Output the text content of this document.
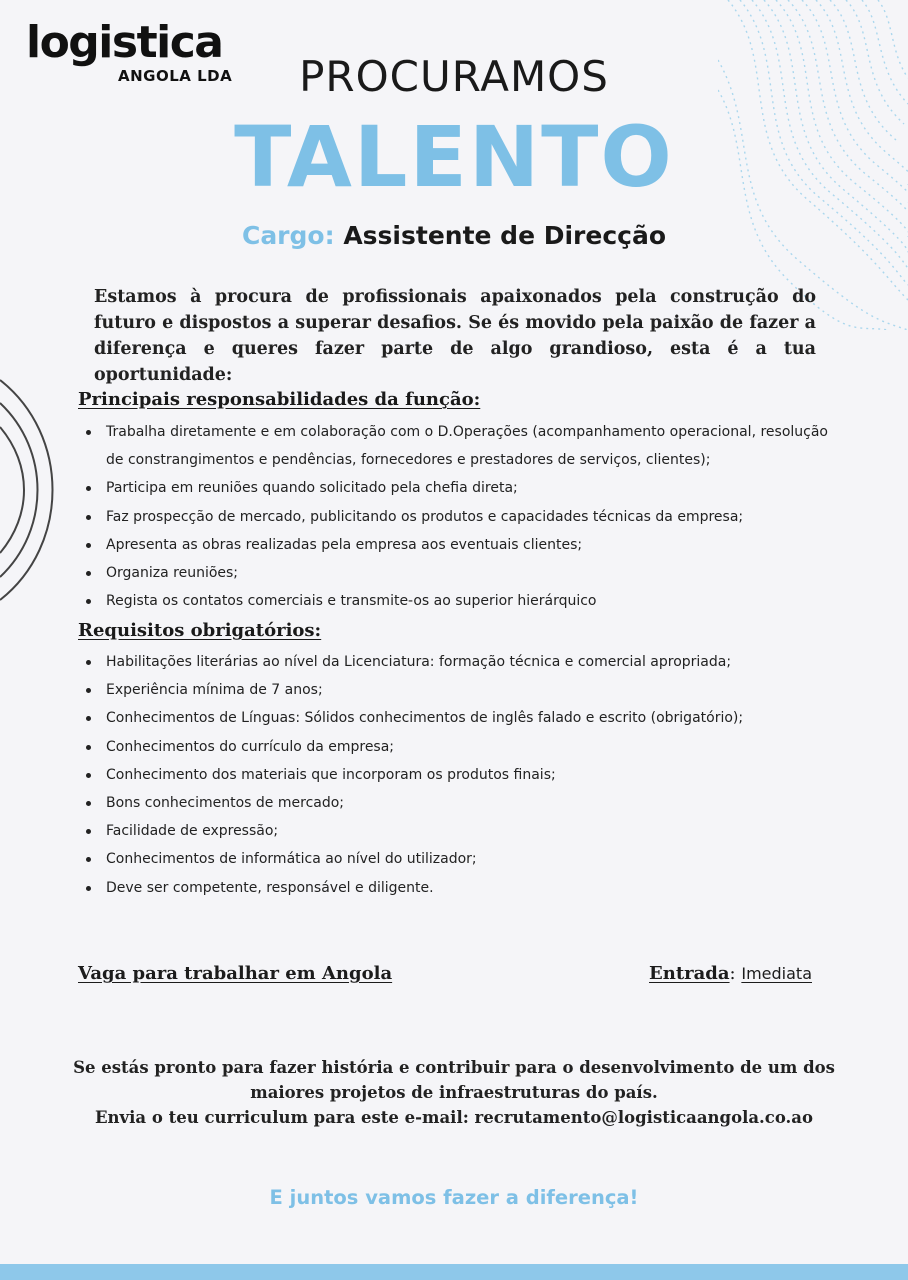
logistica
ANGOLA LDA	PROCURAMOS
TALENTO
Cargo: Assistente de Direcção
Estamos à procura de profissionais apaixonados pela construção do futuro e dispostos a superar desafios. Se és movido pela paixão de fazer a diferença e queres fazer parte de algo grandioso, esta é a tua oportunidade:
Principais responsabilidades da função:
Trabalha diretamente e em colaboração com o D.Operações (acompanhamento operacional, resolução de constrangimentos e pendências, fornecedores e prestadores de serviços, clientes);
Participa em reuniões quando solicitado pela chefia direta;
Faz prospecção de mercado, publicitando os produtos e capacidades técnicas da empresa;
Apresenta as obras realizadas pela empresa aos eventuais clientes;
Organiza reuniões;
Regista os contatos comerciais e transmite-os ao superior hierárquico
Requisitos obrigatórios:
Habilitações literárias ao nível da Licenciatura: formação técnica e comercial apropriada;
Experiência mínima de 7 anos;
Conhecimentos de Línguas: Sólidos conhecimentos de inglês falado e escrito (obrigatório);
Conhecimentos do currículo da empresa;
Conhecimento dos materiais que incorporam os produtos finais;
Bons conhecimentos de mercado;
Facilidade de expressão;
Conhecimentos de informática ao nível do utilizador;
Deve ser competente, responsável e diligente.
Vaga para trabalhar em Angola	Entrada: Imediata
Se estás pronto para fazer história e contribuir para o desenvolvimento de um dos
maiores projetos de infraestruturas do país.
Envia o teu curriculum para este e-mail: recrutamento@logisticaangola.co.ao
E juntos vamos fazer a diferença!
